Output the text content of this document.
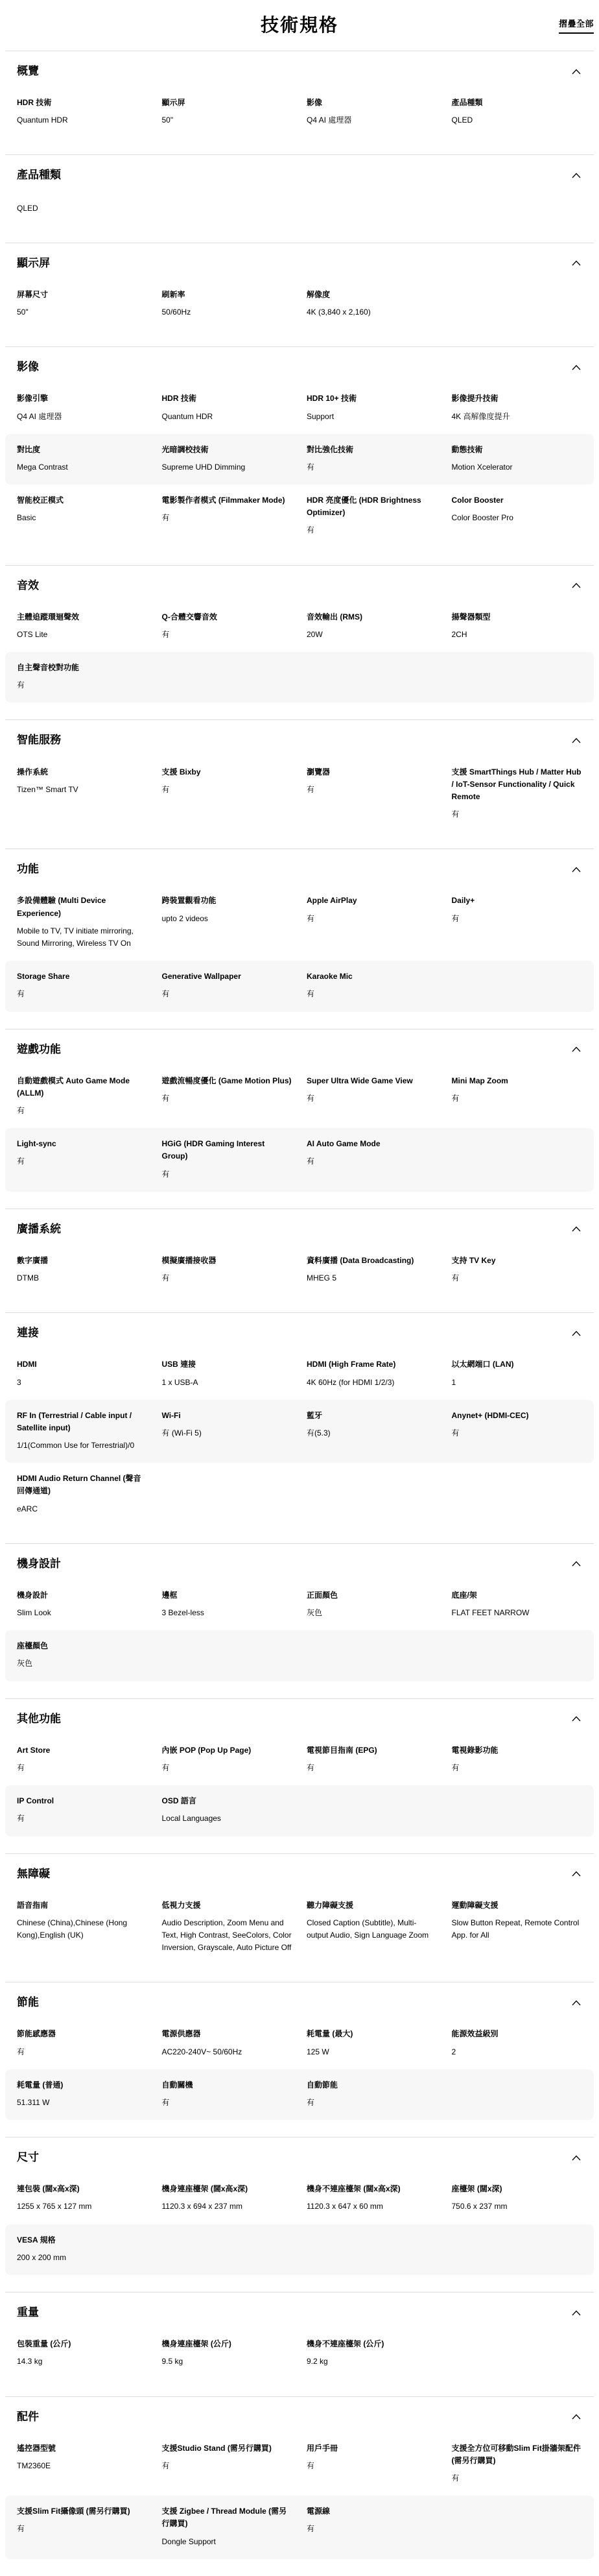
技術規格	摺疊全部
概覽
HDR 技術
Quantum HDR
顯示屏
50"
影像
Q4 AI 處理器
產品種類
QLED
產品種類
QLED
顯示屏
屏幕尺寸
50"
刷新率
50/60Hz
解像度
4K (3,840 x 2,160)
影像
影像引擎
Q4 AI 處理器
HDR 技術
Quantum HDR
HDR 10+ 技術
Support
影像提升技術
4K 高解像度提升
對比度
Mega Contrast
光暗調校技術
Supreme UHD Dimming
對比強化技術
有
動態技術
Motion Xcelerator
智能校正模式
Basic
電影製作者模式 (Filmmaker Mode)
有
HDR 亮度優化 (HDR Brightness Optimizer)
有
Color Booster
Color Booster Pro
音效
主體追蹤環迴聲效
OTS Lite
Q-合體交響音效
有
音效輸出 (RMS)
20W
揚聲器類型
2CH
自主聲音校對功能
有
智能服務
操作系統
Tizen™ Smart TV
支援 Bixby
有
瀏覽器
有
支援 SmartThings Hub / Matter Hub / IoT-Sensor Functionality / Quick Remote
有
功能
多設備體驗 (Multi Device Experience)
Mobile to TV, TV initiate mirroring, Sound Mirroring, Wireless TV On
跨裝置觀看功能
upto 2 videos
Apple AirPlay
有
Daily+
有
Storage Share
有
Generative Wallpaper
有
Karaoke Mic
有
遊戲功能
自動遊戲模式 Auto Game Mode (ALLM)
有
遊戲流暢度優化 (Game Motion Plus)
有
Super Ultra Wide Game View
有
Mini Map Zoom
有
Light-sync
有
HGiG (HDR Gaming Interest Group)
有
AI Auto Game Mode
有
廣播系統
數字廣播
DTMB
模擬廣播接收器
有
資料廣播 (Data Broadcasting)
MHEG 5
支持 TV Key
有
連接
HDMI
3
USB 連接
1 x USB-A
HDMI (High Frame Rate)
4K 60Hz (for HDMI 1/2/3)
以太網端口 (LAN)
1
RF In (Terrestrial / Cable input / Satellite input)
1/1(Common Use for Terrestrial)/0
Wi-Fi
有 (Wi-Fi 5)
藍牙
有(5.3)
Anynet+ (HDMI-CEC)
有
HDMI Audio Return Channel (聲音回傳通道)
eARC
機身設計
機身設計
Slim Look
邊框
3 Bezel-less
正面顏色
灰色
底座/架
FLAT FEET NARROW
座檯顏色
灰色
其他功能
Art Store
有
內嵌 POP (Pop Up Page)
有
電視節目指南 (EPG)
有
電視錄影功能
有
IP Control
有
OSD 語言
Local Languages
無障礙
語音指南
Chinese (China),Chinese (Hong Kong),English (UK)
低視力支援
Audio Description, Zoom Menu and Text, High Contrast, SeeColors, Color Inversion, Grayscale, Auto Picture Off
聽力障礙支援
Closed Caption (Subtitle), Multi-output Audio, Sign Language Zoom
運動障礙支援
Slow Button Repeat, Remote Control App. for All
節能
節能感應器
有
電源供應器
AC220-240V~ 50/60Hz
耗電量 (最大)
125 W
能源效益級別
2
耗電量 (普通)
51.311 W
自動關機
有
自動節能
有
尺寸
連包裝 (闊x高x深)
1255 x 765 x 127 mm
機身連座檯架 (闊x高x深)
1120.3 x 694 x 237 mm
機身不連座檯架 (闊x高x深)
1120.3 x 647 x 60 mm
座檯架 (闊x深)
750.6 x 237 mm
VESA 規格
200 x 200 mm
重量
包裝重量 (公斤)
14.3 kg
機身連座檯架 (公斤)
9.5 kg
機身不連座檯架 (公斤)
9.2 kg
配件
遙控器型號
TM2360E
支援Studio Stand (需另行購買)
有
用戶手冊
有
支援全方位可移動Slim Fit掛牆架配件 (需另行購買)
有
支援Slim Fit攝像頭 (需另行購買)
有
支援 Zigbee / Thread Module (需另行購買)
Dongle Support
電源線
有
